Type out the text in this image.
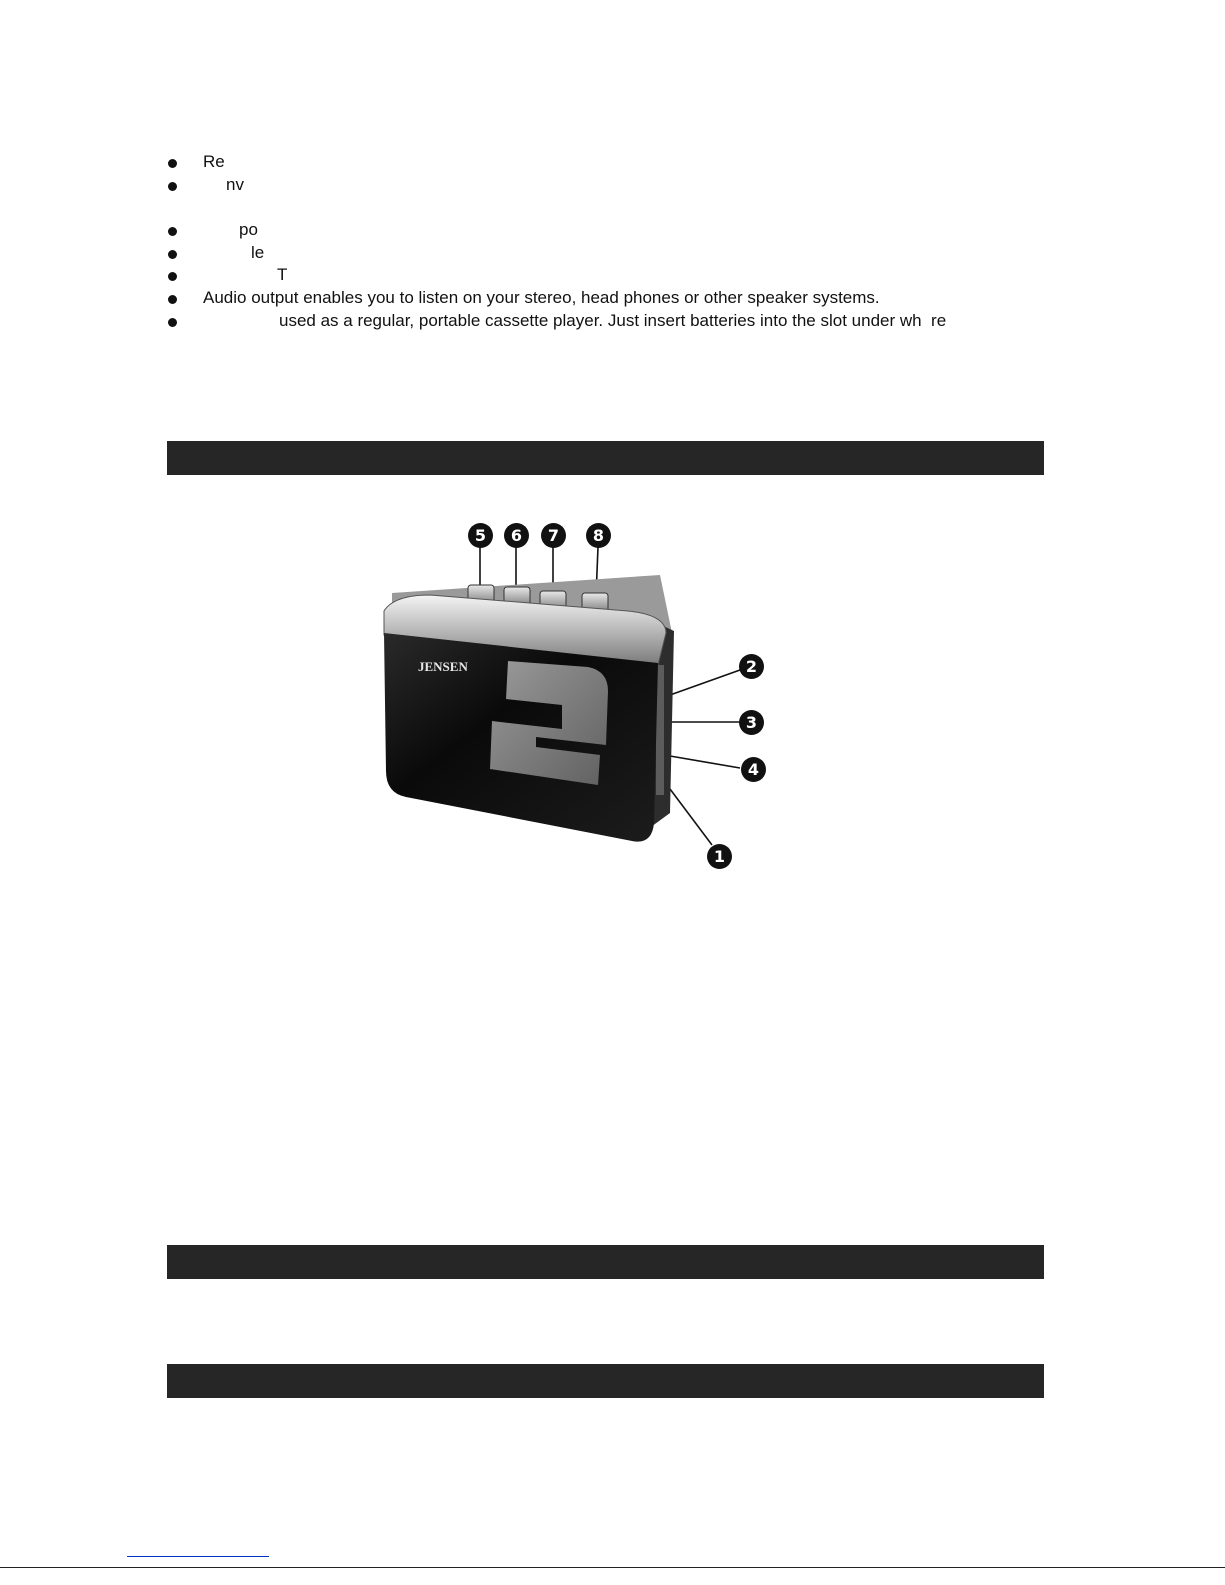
Re
nv
po
le
T
Audio output enables you to listen on your stereo, head phones or other speaker systems.
used as a regular, portable cassette player. Just insert batteries into the slot under wh  re
JENSEN
5	6	7	8
2
3
4
1
